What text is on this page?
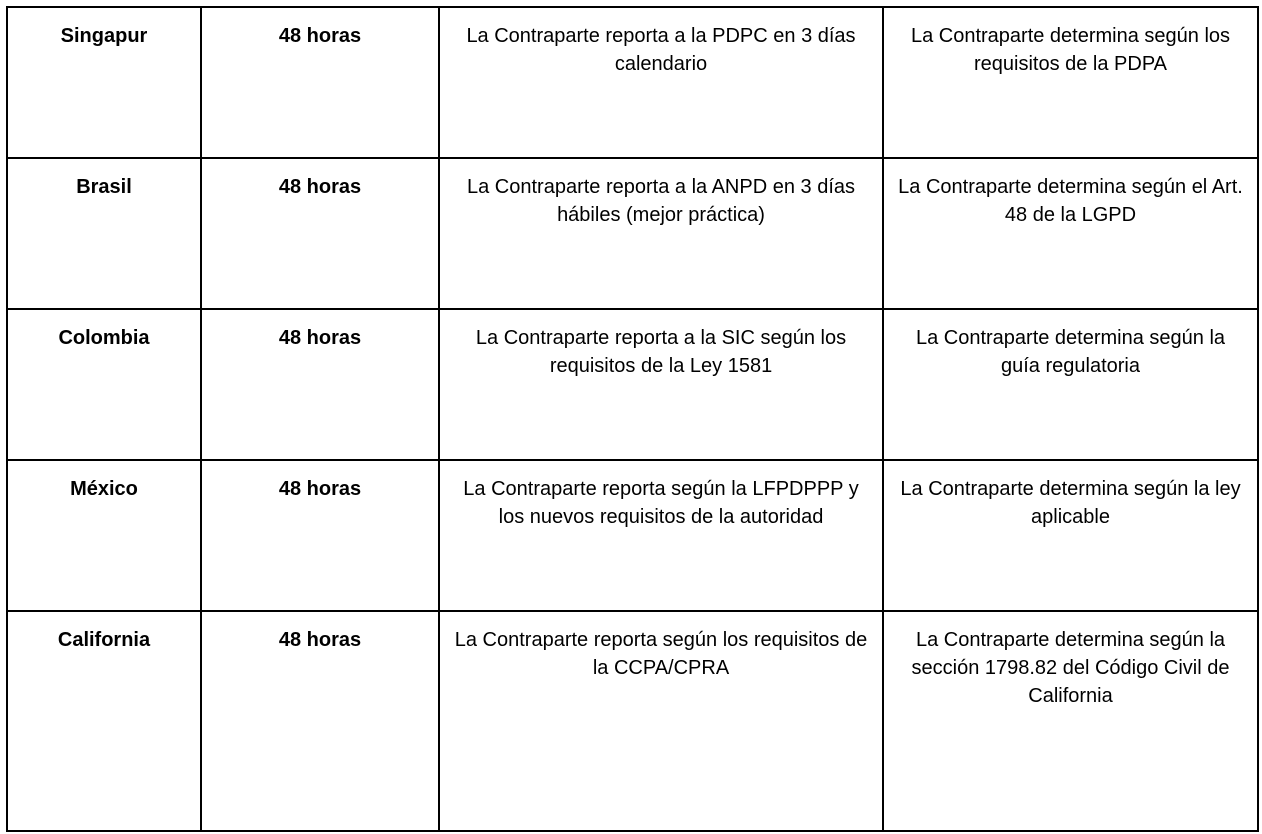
Singapur	48 horas	La Contraparte reporta a la PDPC en 3 días calendario	La Contraparte determina según los requisitos de la PDPA
Brasil	48 horas	La Contraparte reporta a la ANPD en 3 días hábiles (mejor práctica)	La Contraparte determina según el Art. 48 de la LGPD
Colombia	48 horas	La Contraparte reporta a la SIC según los requisitos de la Ley 1581	La Contraparte determina según la guía regulatoria
México	48 horas	La Contraparte reporta según la LFPDPPP y los nuevos requisitos de la autoridad	La Contraparte determina según la ley aplicable
California	48 horas	La Contraparte reporta según los requisitos de la CCPA/CPRA	La Contraparte determina según la sección 1798.82 del Código Civil de California
